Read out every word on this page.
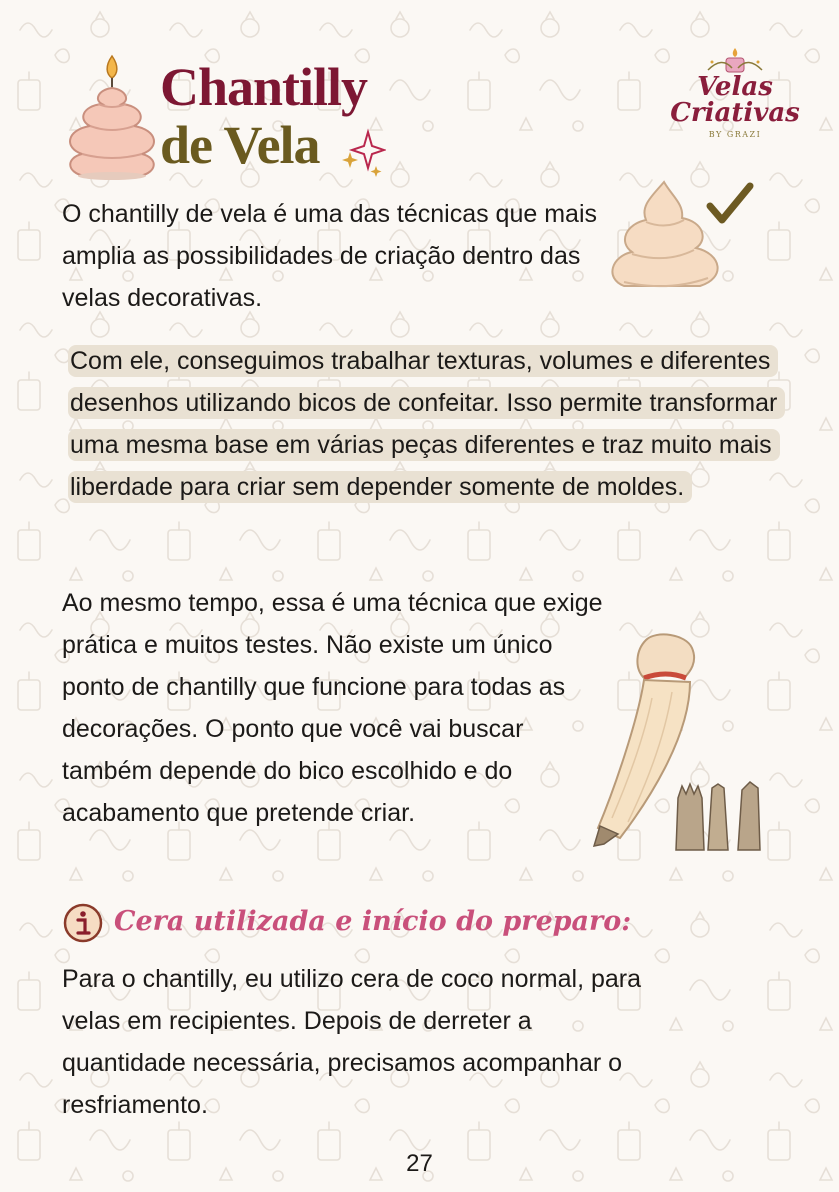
Chantilly
de Vela
Velas
Criativas
BY GRAZI

O chantilly de vela é uma das técnicas que mais amplia as possibilidades de criação dentro das velas decorativas.

Com ele, conseguimos trabalhar texturas, volumes e diferentes desenhos utilizando bicos de confeitar. Isso permite transformar uma mesma base em várias peças diferentes e traz muito mais liberdade para criar sem depender somente de moldes.

Ao mesmo tempo, essa é uma técnica que exige prática e muitos testes. Não existe um único ponto de chantilly que funcione para todas as decorações. O ponto que você vai buscar também depende do bico escolhido e do acabamento que pretende criar.

Cera utilizada e início do preparo:

Para o chantilly, eu utilizo cera de coco normal, para velas em recipientes. Depois de derreter a quantidade necessária, precisamos acompanhar o resfriamento.

27
